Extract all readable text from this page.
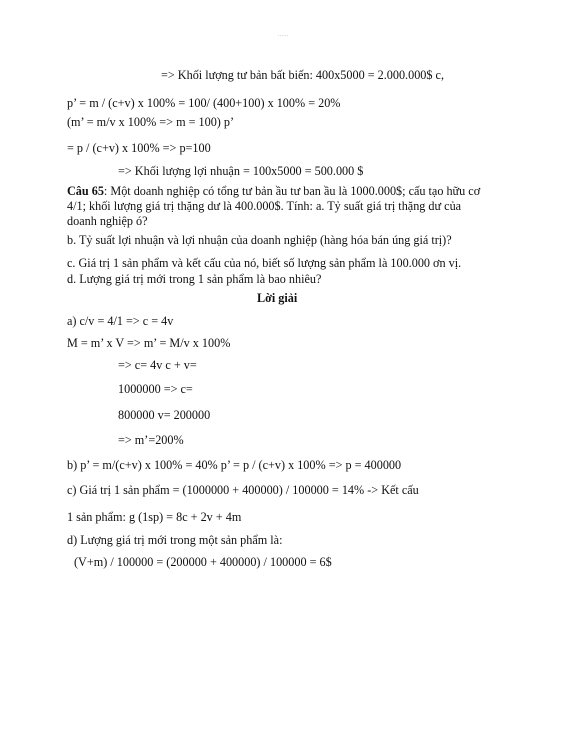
......
=> Khối lượng tư bản bất biến: 400x5000 = 2.000.000$ c,
p’ = m / (c+v) x 100% = 100/ (400+100) x 100% = 20%
(m’ = m/v x 100% => m = 100) p’
= p / (c+v) x 100% => p=100
=> Khối lượng lợi nhuận = 100x5000 = 500.000 $
Câu 65: Một doanh nghiệp có tổng tư bản ầu tư ban ầu là 1000.000$; cấu tạo hữu cơ
4/1; khối lượng giá trị thặng dư là 400.000$. Tính: a. Tỷ suất giá trị thặng dư của
doanh nghiệp ó?
b. Tỷ suất lợi nhuận và lợi nhuận của doanh nghiệp (hàng hóa bán úng giá trị)?
c. Giá trị 1 sản phẩm và kết cấu của nó, biết số lượng sản phẩm là 100.000 ơn vị.
d. Lượng giá trị mới trong 1 sản phẩm là bao nhiêu?
Lời giải
a) c/v = 4/1 => c = 4v
M = m’ x V => m’ = M/v x 100%
=> c= 4v c + v=
1000000 => c=
800000 v= 200000
=> m’=200%
b) p’ = m/(c+v) x 100% = 40% p’ = p / (c+v) x 100% => p = 400000
c) Giá trị 1 sản phẩm = (1000000 + 400000) / 100000 = 14% -> Kết cấu
1 sản phẩm: g (1sp) = 8c + 2v + 4m
d) Lượng giá trị mới trong một sản phẩm là:
(V+m) / 100000 = (200000 + 400000) / 100000 = 6$
